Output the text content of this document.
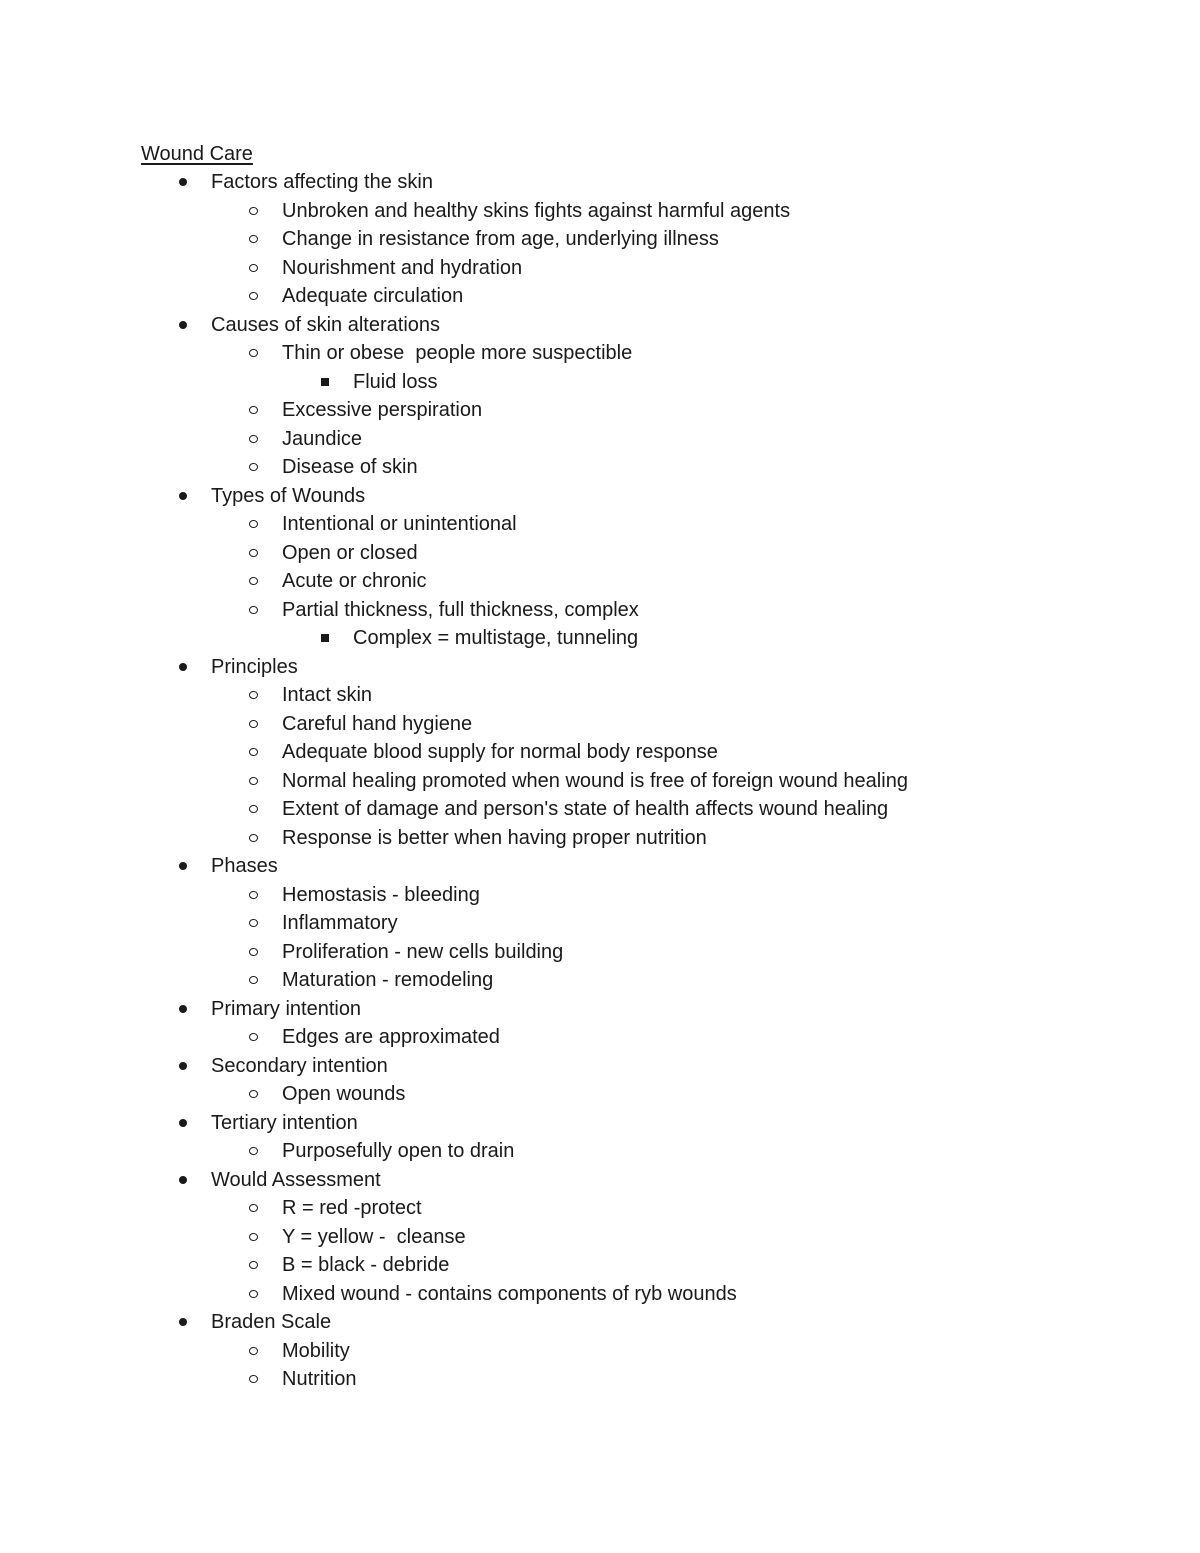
Wound Care
Factors affecting the skin
Unbroken and healthy skins fights against harmful agents
Change in resistance from age, underlying illness
Nourishment and hydration
Adequate circulation
Causes of skin alterations
Thin or obese  people more suspectible
Fluid loss
Excessive perspiration
Jaundice
Disease of skin
Types of Wounds
Intentional or unintentional
Open or closed
Acute or chronic
Partial thickness, full thickness, complex
Complex = multistage, tunneling
Principles
Intact skin
Careful hand hygiene
Adequate blood supply for normal body response
Normal healing promoted when wound is free of foreign wound healing
Extent of damage and person's state of health affects wound healing
Response is better when having proper nutrition
Phases
Hemostasis - bleeding
Inflammatory
Proliferation - new cells building
Maturation - remodeling
Primary intention
Edges are approximated
Secondary intention
Open wounds
Tertiary intention
Purposefully open to drain
Would Assessment
R = red -protect
Y = yellow -  cleanse
B = black - debride
Mixed wound - contains components of ryb wounds
Braden Scale
Mobility
Nutrition
